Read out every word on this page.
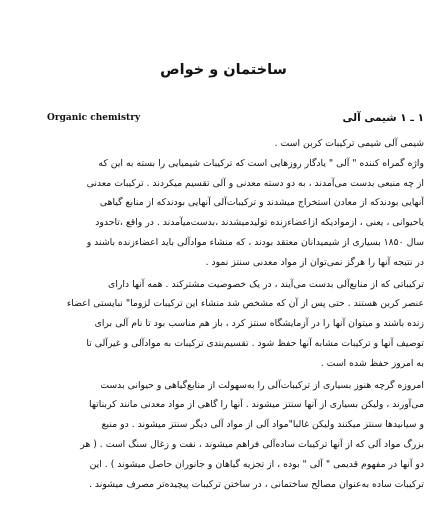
ساختمان و خواص
۱ ـ ۱ شیمی آلی
Organic chemistry

شیمی آلی شیمی ترکیبات کربن است .
واژه گمراه کننده " آلی " یادگار روزهایی است که ترکیبات شیمیایی را بسته به این که
از چه منبعی بدست می‌آمدند ، به دو دسته معدنی و آلی تقسیم میکردند . ترکیبات معدنی
آنهایی بودندکه از معادن استخراج میشدند و ترکیبات‌آلی آنهایی بودندکه از منابع گیاهی
یاحیوانی ، یعنی ، ازموادیکه ازاعضا‌ءزنده تولیدمیشدند ،بدست‌میآمدند . در واقع ،تاحدود
سال ۱۸۵۰ بسیاری از شیمیدانان معتقد بودند ، که منشاء موادآلی باید اعضاءزنده باشند و
در نتیجه آنها را هرگز نمی‌توان از مواد معدنی سنتز نمود .

ترکیباتی که از منابع‌آلی بدست می‌آیند ، در یک خصوصیت مشترکند . همه آنها دارای
عنصر کربن هستند . حتی پس از آن که مشخص شد منشاء این ترکیبات لزوما" نبایستی اعضاء
زنده باشند و میتوان آنها را در آزمایشگاه سنتز کرد ، باز هم مناسب بود تا نام آلی برای
توصیف آنها و ترکیبات مشابه آنها حفظ شود . تقسیم‌بندی ترکیبات به موادآلی و غیرآلی تا
به امروز حفظ شده است .

امروزه گرچه هنوز بسیاری از ترکیبات‌آلی را به‌سهولت از منابع‌گیاهی و حیوانی بدست
می‌آورند ، ولیکن بسیاری از آنها سنتز میشوند . آنها را گاهی از مواد معدنی مانند کربناتها
و سیانیدها سنتز میکنند ولیکن غالبا"مواد آلی از مواد آلی دیگر سنتز میشوند . دو منبع
بزرگ مواد آلی که از آنها ترکیبات ساده‌آلی فراهم میشوند ، نفت و زغال سنگ است . ( هر
دو آنها در مفهوم قدیمی " آلی " بوده ، از تجزیه گیاهان و جانوران حاصل میشوند ) . این
ترکیبات ساده به‌عنوان مصالح ساختمانی ، در ساختن ترکیبات پیچیده‌تر مصرف میشوند .
